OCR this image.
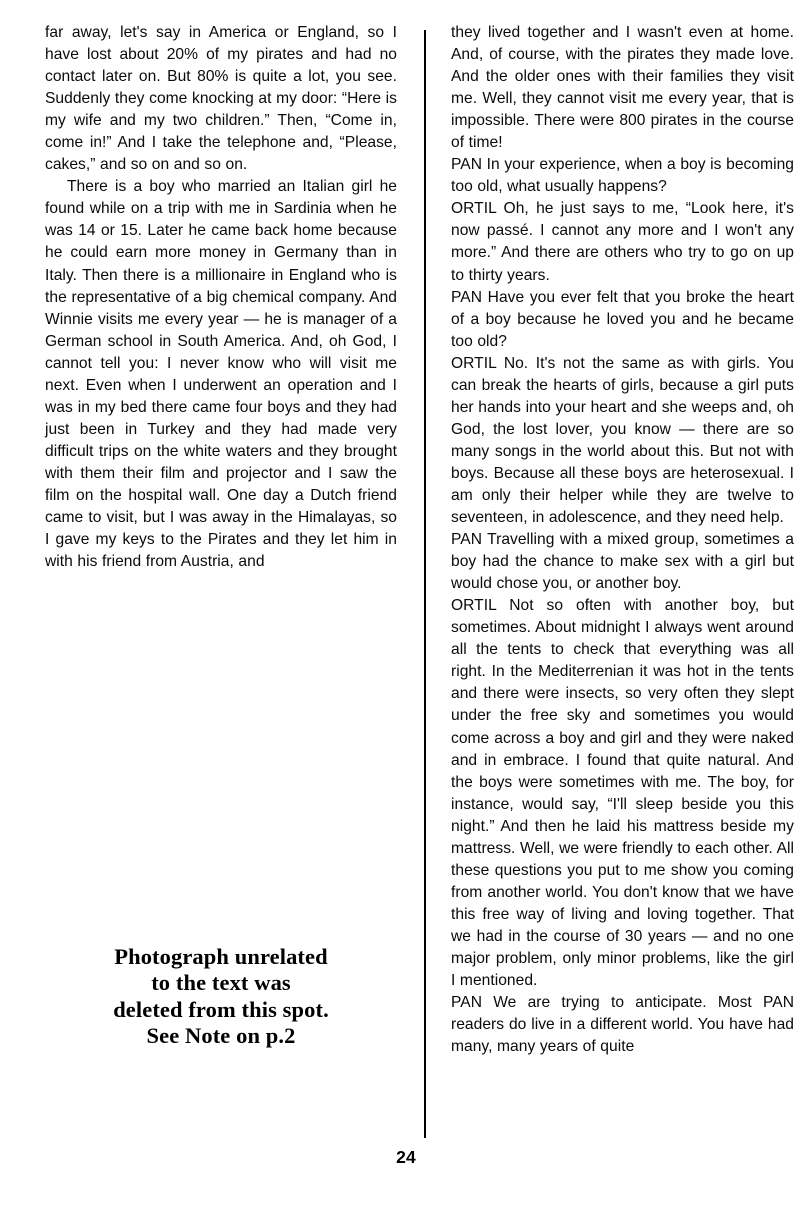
far away, let's say in America or England, so I have lost about 20% of my pirates and had no contact later on. But 80% is quite a lot, you see. Suddenly they come knocking at my door: “Here is my wife and my two children.” Then, “Come in, come in!” And I take the telephone and, “Please, cakes,” and so on and so on.

There is a boy who married an Italian girl he found while on a trip with me in Sardinia when he was 14 or 15. Later he came back home because he could earn more money in Germany than in Italy. Then there is a millionaire in England who is the representative of a big chemical company. And Winnie visits me every year — he is manager of a German school in South America. And, oh God, I cannot tell you: I never know who will visit me next. Even when I underwent an operation and I was in my bed there came four boys and they had just been in Turkey and they had made very difficult trips on the white waters and they brought with them their film and projector and I saw the film on the hospital wall. One day a Dutch friend came to visit, but I was away in the Himalayas, so I gave my keys to the Pirates and they let him in with his friend from Austria, and

Photograph unrelated
to the text was
deleted from this spot.
See Note on p.2

they lived together and I wasn't even at home. And, of course, with the pirates they made love. And the older ones with their families they visit me. Well, they cannot visit me every year, that is impossible. There were 800 pirates in the course of time!

PAN In your experience, when a boy is becoming too old, what usually happens?

ORTIL Oh, he just says to me, “Look here, it's now passé. I cannot any more and I won't any more.” And there are others who try to go on up to thirty years.

PAN Have you ever felt that you broke the heart of a boy because he loved you and he became too old?

ORTIL No. It's not the same as with girls. You can break the hearts of girls, because a girl puts her hands into your heart and she weeps and, oh God, the lost lover, you know — there are so many songs in the world about this. But not with boys. Because all these boys are heterosexual. I am only their helper while they are twelve to seventeen, in adolescence, and they need help.

PAN Travelling with a mixed group, sometimes a boy had the chance to make sex with a girl but would chose you, or another boy.

ORTIL Not so often with another boy, but sometimes. About midnight I always went around all the tents to check that everything was all right. In the Mediterrenian it was hot in the tents and there were insects, so very often they slept under the free sky and sometimes you would come across a boy and girl and they were naked and in embrace. I found that quite natural. And the boys were sometimes with me. The boy, for instance, would say, “I'll sleep beside you this night.” And then he laid his mattress beside my mattress. Well, we were friendly to each other. All these questions you put to me show you coming from another world. You don't know that we have this free way of living and loving together. That we had in the course of 30 years — and no one major problem, only minor problems, like the girl I mentioned.

PAN We are trying to anticipate. Most PAN readers do live in a different world. You have had many, many years of quite

24
